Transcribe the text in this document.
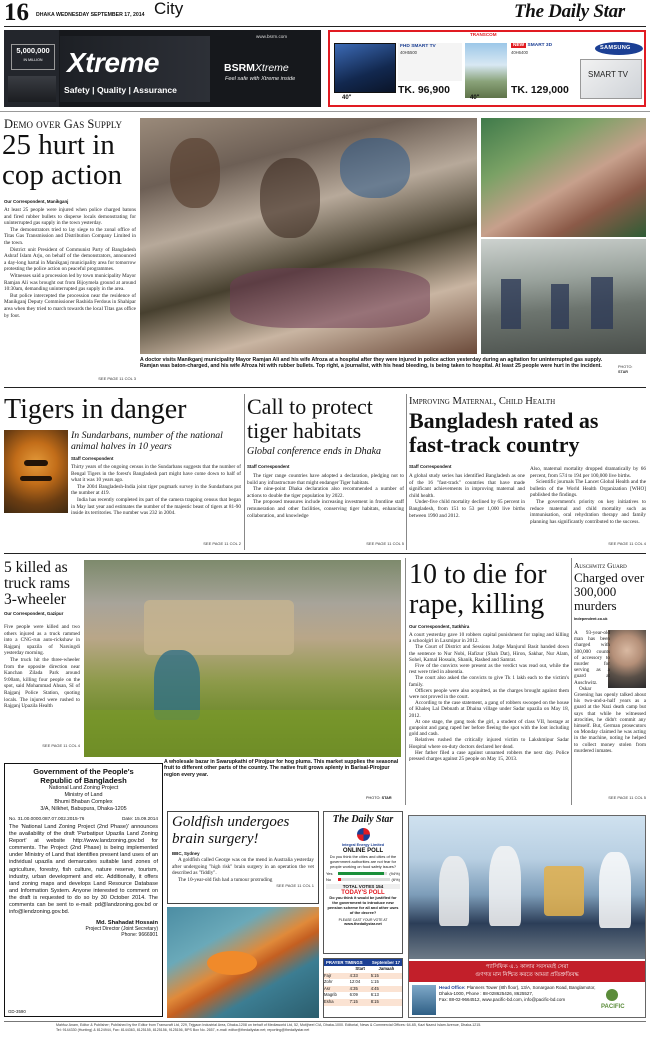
16 DHAKA WEDNESDAY SEPTEMBER 17, 2014 City	The Daily Star
5,000,000
IN MILLION Xtreme
Safety | Quality | Assurance
www.bsrm.com
BSRMXtreme
Feel safe with Xtreme inside
TRANSCOM
40"
FHD SMART TV
40H5500
TK. 96,900
40"
NEW SMART 3D
40H6400
TK. 129,000
SAMSUNG
SMART TV
Demo over Gas Supply
25 hurt in
cop action
Our Correspondent, Manikganj

At least 25 people were injured when police charged batons and fired rubber bullets to disperse locals demonstrating for uninterrupted gas supply in the town yesterday.

The demonstrators tried to lay siege to the zonal office of Titas Gas Transmission and Distribution Company Limited in the town.

District unit President of Communist Party of Bangladesh Ashraf Islam Arju, on behalf of the demonstrators, announced a day-long hartal in Manikganj municipality area for tomorrow protesting the police action on peaceful programmes.

Witnesses said a procession led by town municipality Mayor Ramjan Ali was brought out from Bijoymela ground at around 10:30am, demanding uninterrupted gas supply in the area.

But police intercepted the procession near the residence of Manikganj Deputy Commissioner Rashida Ferdous in Shahipar area when they tried to march towards the local Titas gas office by foot.

SEE PAGE 11 COL 3
A doctor visits Manikganj municipality Mayor Ramjan Ali and his wife Afroza at a hospital after they were injured in police action yesterday during an agitation for uninterrupted gas supply. Ramjan was baton-charged, and his wife Afroza hit with rubber bullets. Top right, a journalist, with his head bleeding, is being taken to hospital. At least 25 people were hurt in the incident.	PHOTO:
STAR
Tigers in danger
In Sundarbans, number of the national animal halves in 10 years
Staff Correspondent

Thirty years of the ongoing census in the Sundarbans suggests that the number of Bengal Tigers in the forest's Bangladesh part might have come down to half of what it was 10 years ago.

The 2004 Bangladesh-India joint tiger pugmark survey in the Sundarbans put the number at 419.

India has recently completed its part of the camera trapping census that began in May last year and estimates the number of the majestic beast of tigers at 81-90 inside its territories. The number was 232 in 2004.

SEE PAGE 11 COL 2
Call to protect
tiger habitats
Global conference ends in Dhaka
Staff Correspondent

The tiger range countries have adopted a declaration, pledging not to build any infrastructure that might endanger Tiger habitats.

The nine-point Dhaka declaration also recommended a number of actions to double the tiger population by 2022.

The proposed measures include increasing investment in frontline staff remuneration and other facilities, conserving tiger habitats, enhancing collaboration, and knowledge

SEE PAGE 11 COL 5
Improving Maternal, Child Health
Bangladesh rated as
fast-track country
Staff Correspondent

A global study series has identified Bangladesh as one of the 16 "fast-track" countries that have made significant achievements in improving maternal and child health.

Under-five child mortality declined by 65 percent in Bangladesh, from 151 to 53 per 1,000 live births between 1990 and 2012.

Also, maternal mortality dropped dramatically by 66 percent, from 574 to 194 per 100,000 live births.

Scientific journals The Lancet Global Health and the bulletin of the World Health Organization [WHO] published the findings.

The government's priority on key initiatives to reduce maternal and child mortality such as immunisation, oral rehydration therapy and family planning has significantly contributed to the success.

SEE PAGE 11 COL 4
5 killed as
truck rams
3-wheeler
Our Correspondent, Gazipur

Five people were killed and two others injured as a truck rammed into a CNG-run auto-rickshaw in Rajganj upazila of Narsingdi yesterday morning.

The truck hit the three-wheeler from the opposite direction near Kanchan Zilada Park around 9:00am, killing four people on the spot, said Mohammad Ahsan, SI of Rajganj Police Station, quoting locals. The injured were rushed to Rajganj Upazila Health

SEE PAGE 11 COL 4
A wholesale bazar in Swarupkathi of Pirojpur for hog plums. This market supplies the seasonal fruit to different other parts of the country. The native fruit grows aplenty in Barisal-Pirojpur region every year.
PHOTO: STAR
10 to die for
rape, killing
Our Correspondent, Satkhira

A court yesterday gave 10 robbers capital punishment for raping and killing a schoolgirl in Laxmipur in 2012.

The Court of District and Sessions Judge Manjurul Basit handed down the sentence to Nur Nobi, Hafizur (Shah Dat), Hiron, Sakhar, Nur Alam, Sohel, Kamal Hossain, Shanik, Rashed and Samrat.

Five of the convicts were present as the verdict was read out, while the rest were tried in absentia.

The court also asked the convicts to give Tk 1 lakh each to the victim's family.

Officers people were also acquitted, as the charges brought against them were not proved in the court.

According to the case statement, a gang of robbers swooped on the house of Khaleq Lal Debnath at Dhaina village under Sadar upazila on May 18, 2012.

At one stage, the gang took the girl, a student of class VII, hostage at gunpoint and gang raped her before fleeing the spot with the loot including gold and cash.

Relatives rushed the critically injured victim to Lakshmipur Sadar Hospital where on-duty doctors declared her dead.

Her father filed a case against unnamed robbers the next day. Police pressed charges against 25 people on May 15, 2013.

Auschwitz Guard
Charged over
300,000
murders
Independent.co.uk

A 93-year-old man has been charged with 300,000 counts of accessory to murder for serving as a guard at Auschwitz.

Oskar Groening has openly talked about his two-and-a-half years as a guard at the Nazi death camp but says that while he witnessed atrocities, he didn't commit any himself. But, German prosecutors on Monday claimed he was acting in the machine, noting he helped to collect money stolen from murdered inmates.

SEE PAGE 11 COL 5
Government of the People's
Republic of Bangladesh
National Land Zoning Project
Ministry of Land
Bhumi Bhaban Complex
3/A, Nilkhet, Babupura, Dhaka-1205
No. 31.00.0000.087.07.002.2015-76	Date: 15.09.2014
The 'National Land Zoning Project (2nd Phase)' announces the availability of the draft 'Parbatipur Upazila Land Zoning Report' at website http://www.landzoning.gov.bd for comments. The Project (2nd Phase) is being implemented under Ministry of Land that identifies present land uses of an individual upazila and demarcates suitable land zones of agriculture, forestry, fish culture, nature reserve, tourism, industry, urban development and etc. Additionally, it offers land zoning maps and develops Land Resource Database and Information System. Anyone interested to comment on the draft is requested to do so by 30 October 2014. The comments can be sent to e-mail: pd@landzoning.gov.bd or info@lendzoning.gov.bd.
Md. Shahadat Hossain
Project Director (Joint Secretary)
Phone: 9666901
GD-3590
Goldfish undergoes
brain surgery!
BBC, Sydney

A goldfish called George was on the mend in Australia yesterday after undergoing "high risk" brain surgery in an operation the vet described as "fiddly".

The 10-year-old fish had a tumour protruding

SEE PAGE 11 COL 1
The Daily Star
Integral Energy Limited
ONLINE POLL
Do you think the cities and cities of the government authorities are not fear for people working on food safety issues?
Yes	(94%)
No	(6%)
TOTAL VOTES 154
TODAY'S POLL
Do you think it would be justified for the government to introduce new pension scheme for all and other uses of the decree?
PLEASE CAST YOUR VOTE AT
www.thedailystar.net
PRAYER TIMINGS September 17
	Start	Jamaah
Fajr	4:33	5:15
Zohr	12:04	1:15
Asr	4:35	4:45
Magrib	6:09	6:13
Esha	7:15	8:15
প্যাসিফিক এ.১ কালার সবসময়ই সেরা
গুণগত মান নিশ্চিত করতে আমরা প্রতিশ্রুতিবদ্ধ
Head Office: Planners Tower (8th floor), 13/A, Sonargaon Road, Banglamotor, Dhaka-1000, Phone : 88-028625426, 8625527,
Fax: 88-02-9664512, www.pacific-bd.com, info@pacific-bd.com
PACIFIC
Mahfuz Anam, Editor & Publisher; Published by the Editor from Transcraft Ltd, 229, Tejgaon Industrial Area, Dhaka-1208 on behalf of Mediaworld Ltd, 52, Motijheel C/A, Dhaka-1000. Editorial, News & Commercial Offices: 64-65, Kazi Nazrul Islam Avenue, Dhaka-1215.
Tel: 9144330 (Hunting) & 8124944, Fax: 8144363, 8125155, 8125156, 9125156, BPS Box No. 2657, e-mail: editor@thedailystar.net; reporting@thedailystar.net
